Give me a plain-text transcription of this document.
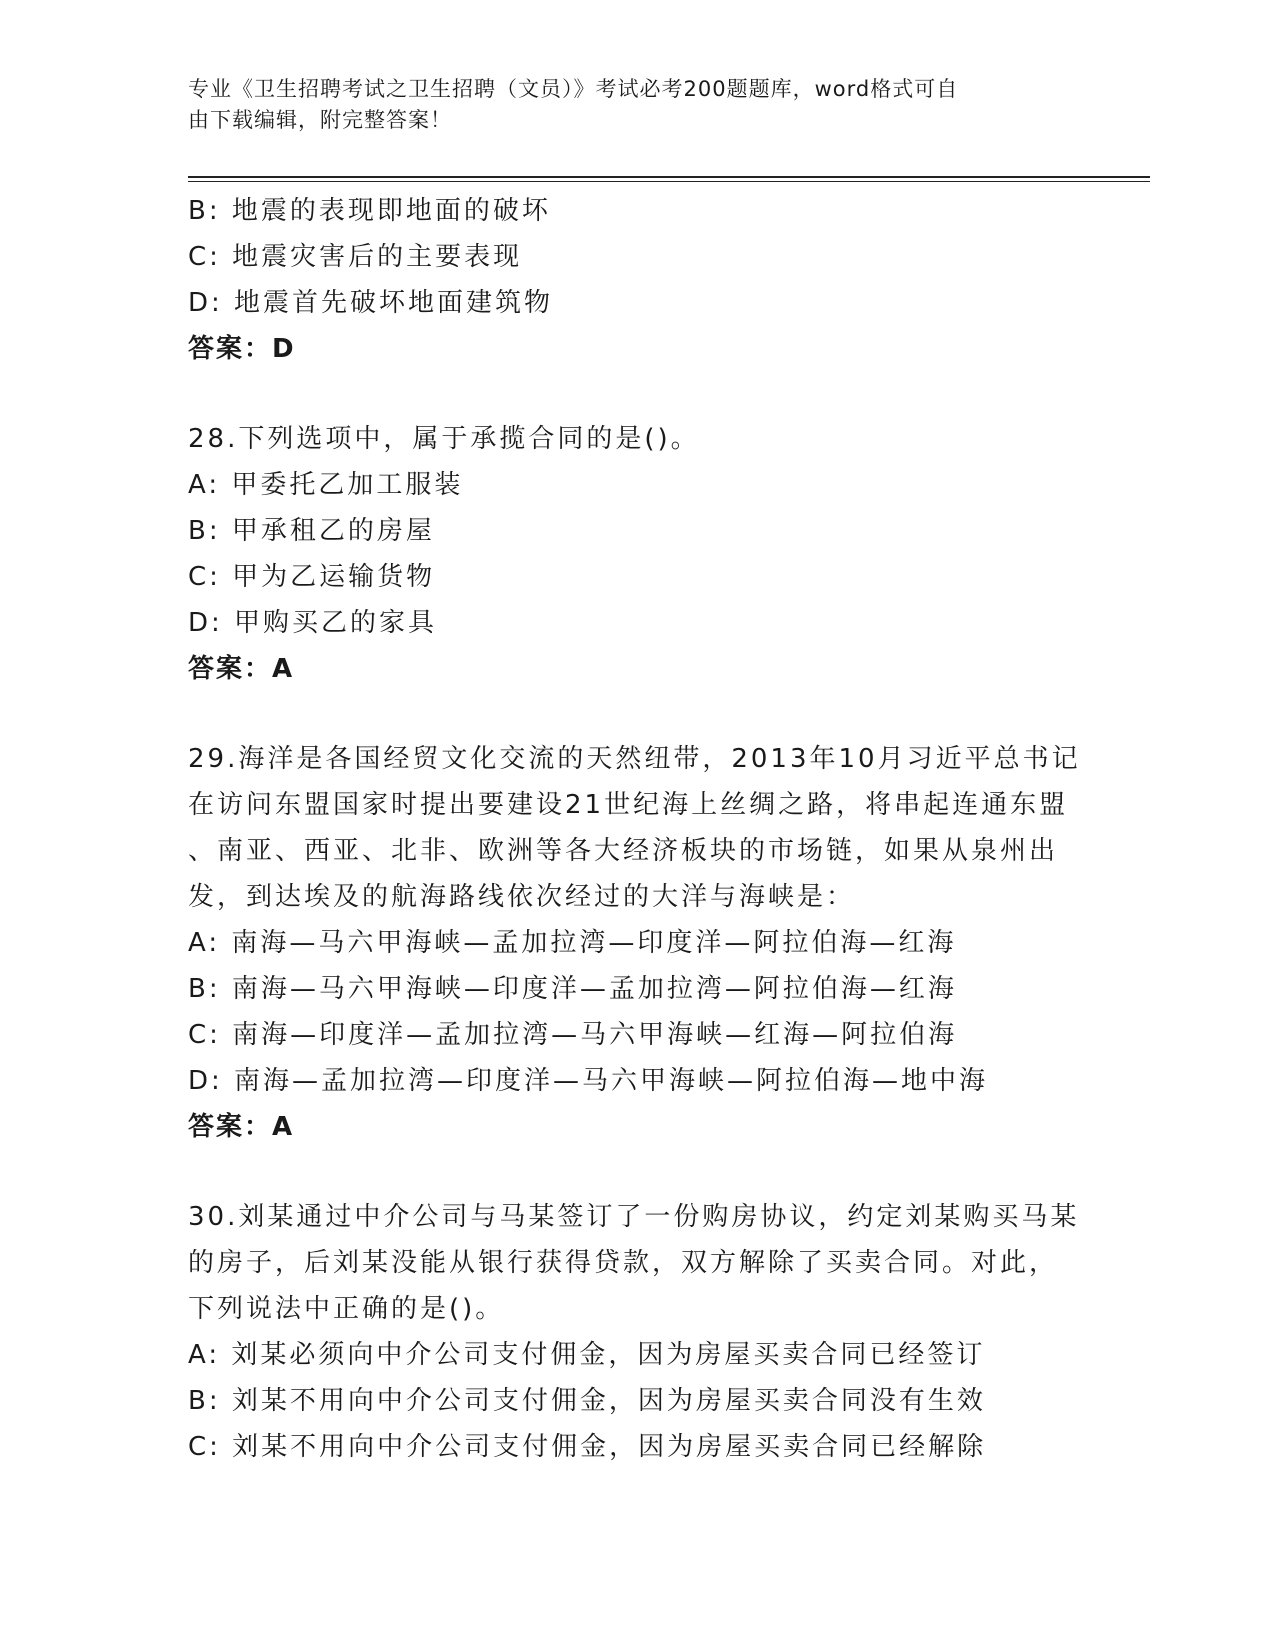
专业《卫生招聘考试之卫生招聘（文员）》考试必考200题题库，word格式可自
由下载编辑，附完整答案！
B: 地震的表现即地面的破坏
C: 地震灾害后的主要表现
D: 地震首先破坏地面建筑物
答案：D
28.下列选项中，属于承揽合同的是()。
A: 甲委托乙加工服装
B: 甲承租乙的房屋
C: 甲为乙运输货物
D: 甲购买乙的家具
答案：A
29.海洋是各国经贸文化交流的天然纽带，2013年10月习近平总书记
在访问东盟国家时提出要建设21世纪海上丝绸之路，将串起连通东盟
、南亚、西亚、北非、欧洲等各大经济板块的市场链，如果从泉州出
发，到达埃及的航海路线依次经过的大洋与海峡是：
A: 南海—马六甲海峡—孟加拉湾—印度洋—阿拉伯海—红海
B: 南海—马六甲海峡—印度洋—孟加拉湾—阿拉伯海—红海
C: 南海—印度洋—孟加拉湾—马六甲海峡—红海—阿拉伯海
D: 南海—孟加拉湾—印度洋—马六甲海峡—阿拉伯海—地中海
答案：A
30.刘某通过中介公司与马某签订了一份购房协议，约定刘某购买马某
的房子，后刘某没能从银行获得贷款，双方解除了买卖合同。对此，
下列说法中正确的是()。
A: 刘某必须向中介公司支付佣金，因为房屋买卖合同已经签订
B: 刘某不用向中介公司支付佣金，因为房屋买卖合同没有生效
C: 刘某不用向中介公司支付佣金，因为房屋买卖合同已经解除
